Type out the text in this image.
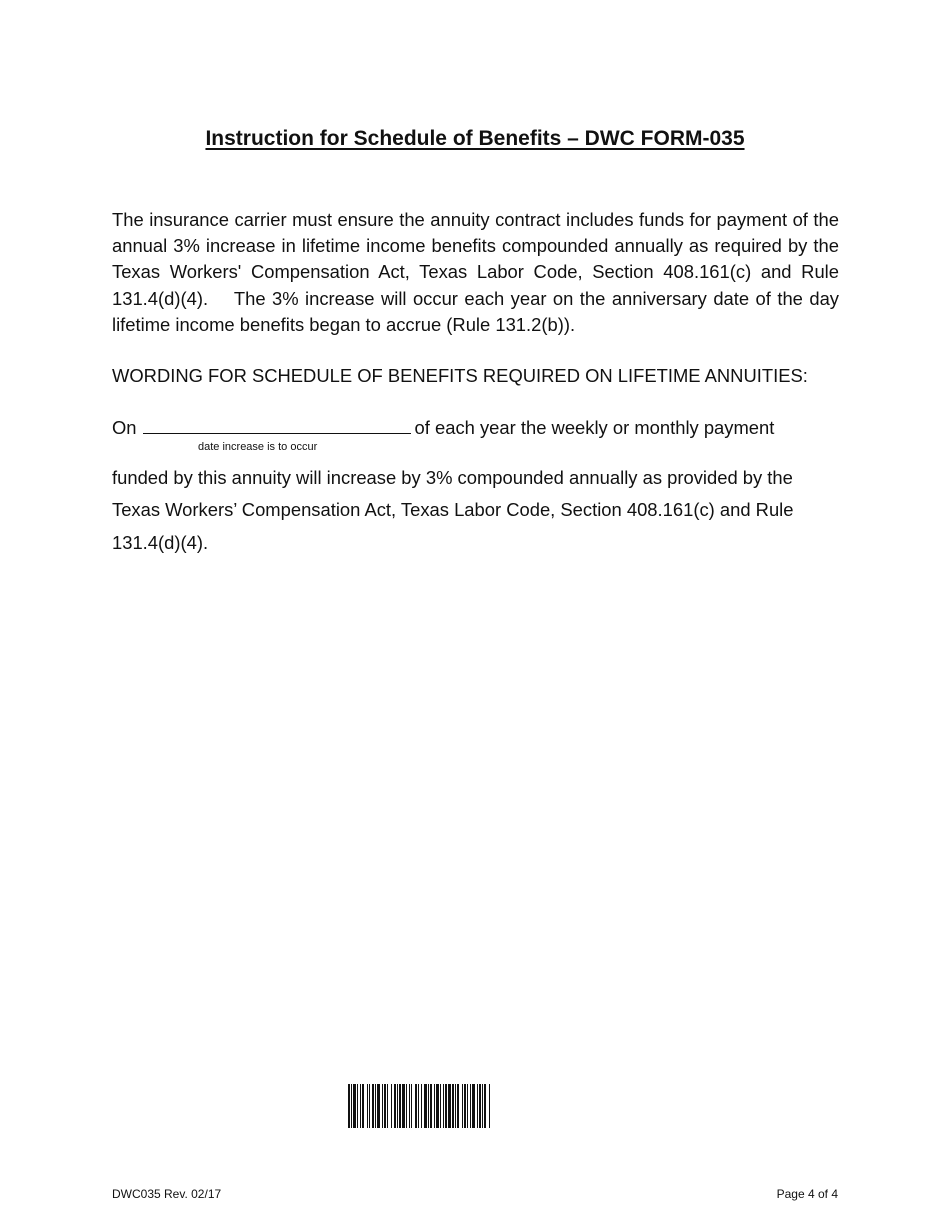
Instruction for Schedule of Benefits – DWC FORM-035

The insurance carrier must ensure the annuity contract includes funds for payment of the annual 3% increase in lifetime income benefits compounded annually as required by the Texas Workers' Compensation Act, Texas Labor Code, Section 408.161(c) and Rule 131.4(d)(4).    The 3% increase will occur each year on the anniversary date of the day lifetime income benefits began to accrue (Rule 131.2(b)).

WORDING FOR SCHEDULE OF BENEFITS REQUIRED ON LIFETIME ANNUITIES:

On	of each year the weekly or monthly payment
date increase is to occur

funded by this annuity will increase by 3% compounded annually as provided by the Texas Workers’ Compensation Act, Texas Labor Code, Section 408.161(c) and Rule 131.4(d)(4).

DWC035 Rev. 02/17	Page 4 of 4
